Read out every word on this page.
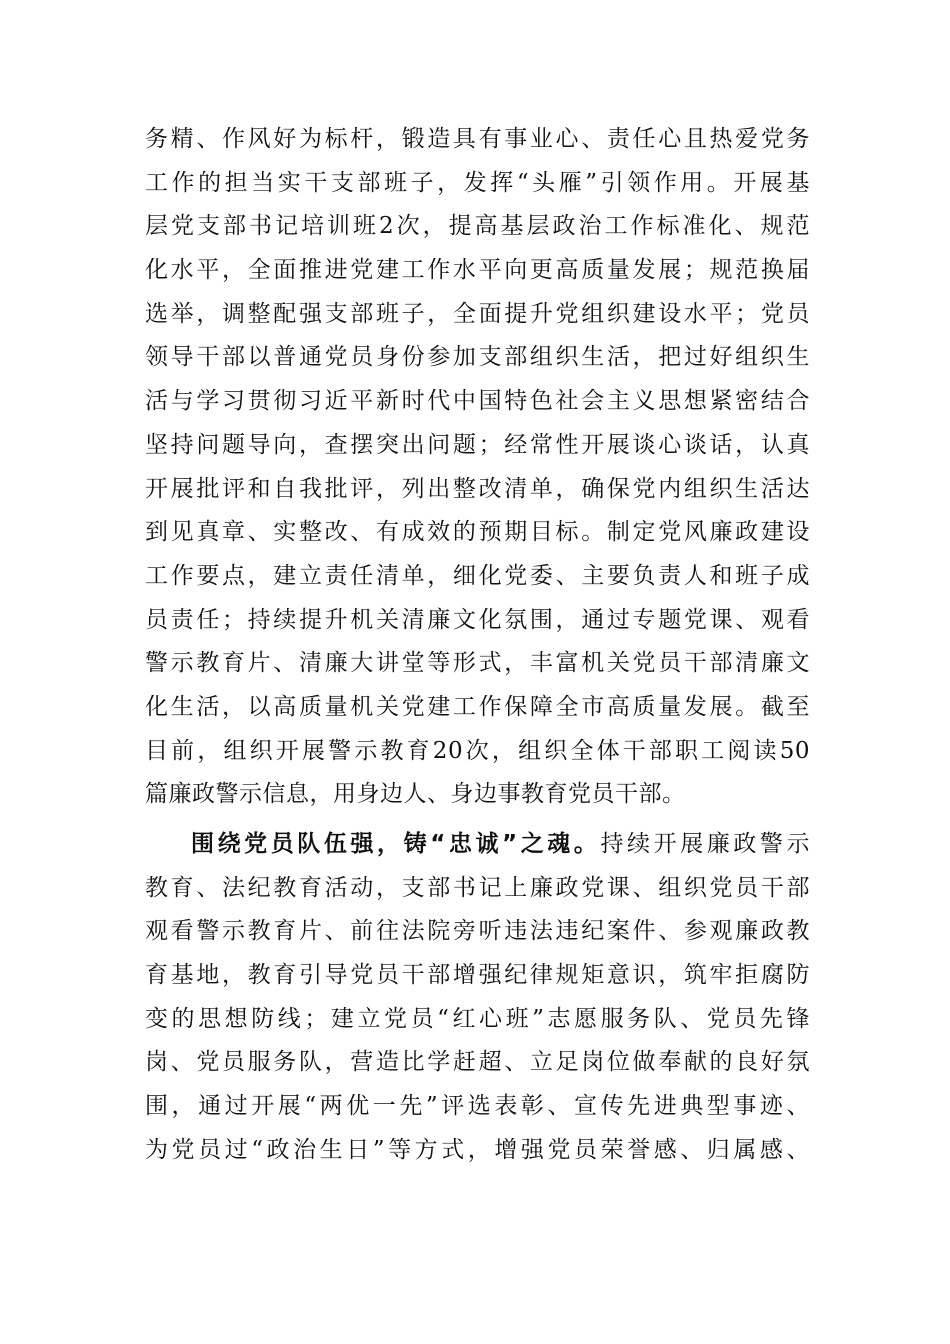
务精、作风好为标杆，锻造具有事业心、责任心且热爱党务
工作的担当实干支部班子，发挥“头雁”引领作用。开展基
层党支部书记培训班2次，提高基层政治工作标准化、规范
化水平，全面推进党建工作水平向更高质量发展；规范换届
选举，调整配强支部班子，全面提升党组织建设水平；党员
领导干部以普通党员身份参加支部组织生活，把过好组织生
活与学习贯彻习近平新时代中国特色社会主义思想紧密结合
坚持问题导向，查摆突出问题；经常性开展谈心谈话，认真
开展批评和自我批评，列出整改清单，确保党内组织生活达
到见真章、实整改、有成效的预期目标。制定党风廉政建设
工作要点，建立责任清单，细化党委、主要负责人和班子成
员责任；持续提升机关清廉文化氛围，通过专题党课、观看
警示教育片、清廉大讲堂等形式，丰富机关党员干部清廉文
化生活，以高质量机关党建工作保障全市高质量发展。截至
目前，组织开展警示教育20次，组织全体干部职工阅读50
篇廉政警示信息，用身边人、身边事教育党员干部。
围绕党员队伍强，铸“忠诚”之魂。持续开展廉政警示
教育、法纪教育活动，支部书记上廉政党课、组织党员干部
观看警示教育片、前往法院旁听违法违纪案件、参观廉政教
育基地，教育引导党员干部增强纪律规矩意识，筑牢拒腐防
变的思想防线；建立党员“红心班”志愿服务队、党员先锋
岗、党员服务队，营造比学赶超、立足岗位做奉献的良好氛
围，通过开展“两优一先”评选表彰、宣传先进典型事迹、
为党员过“政治生日”等方式，增强党员荣誉感、归属感、
